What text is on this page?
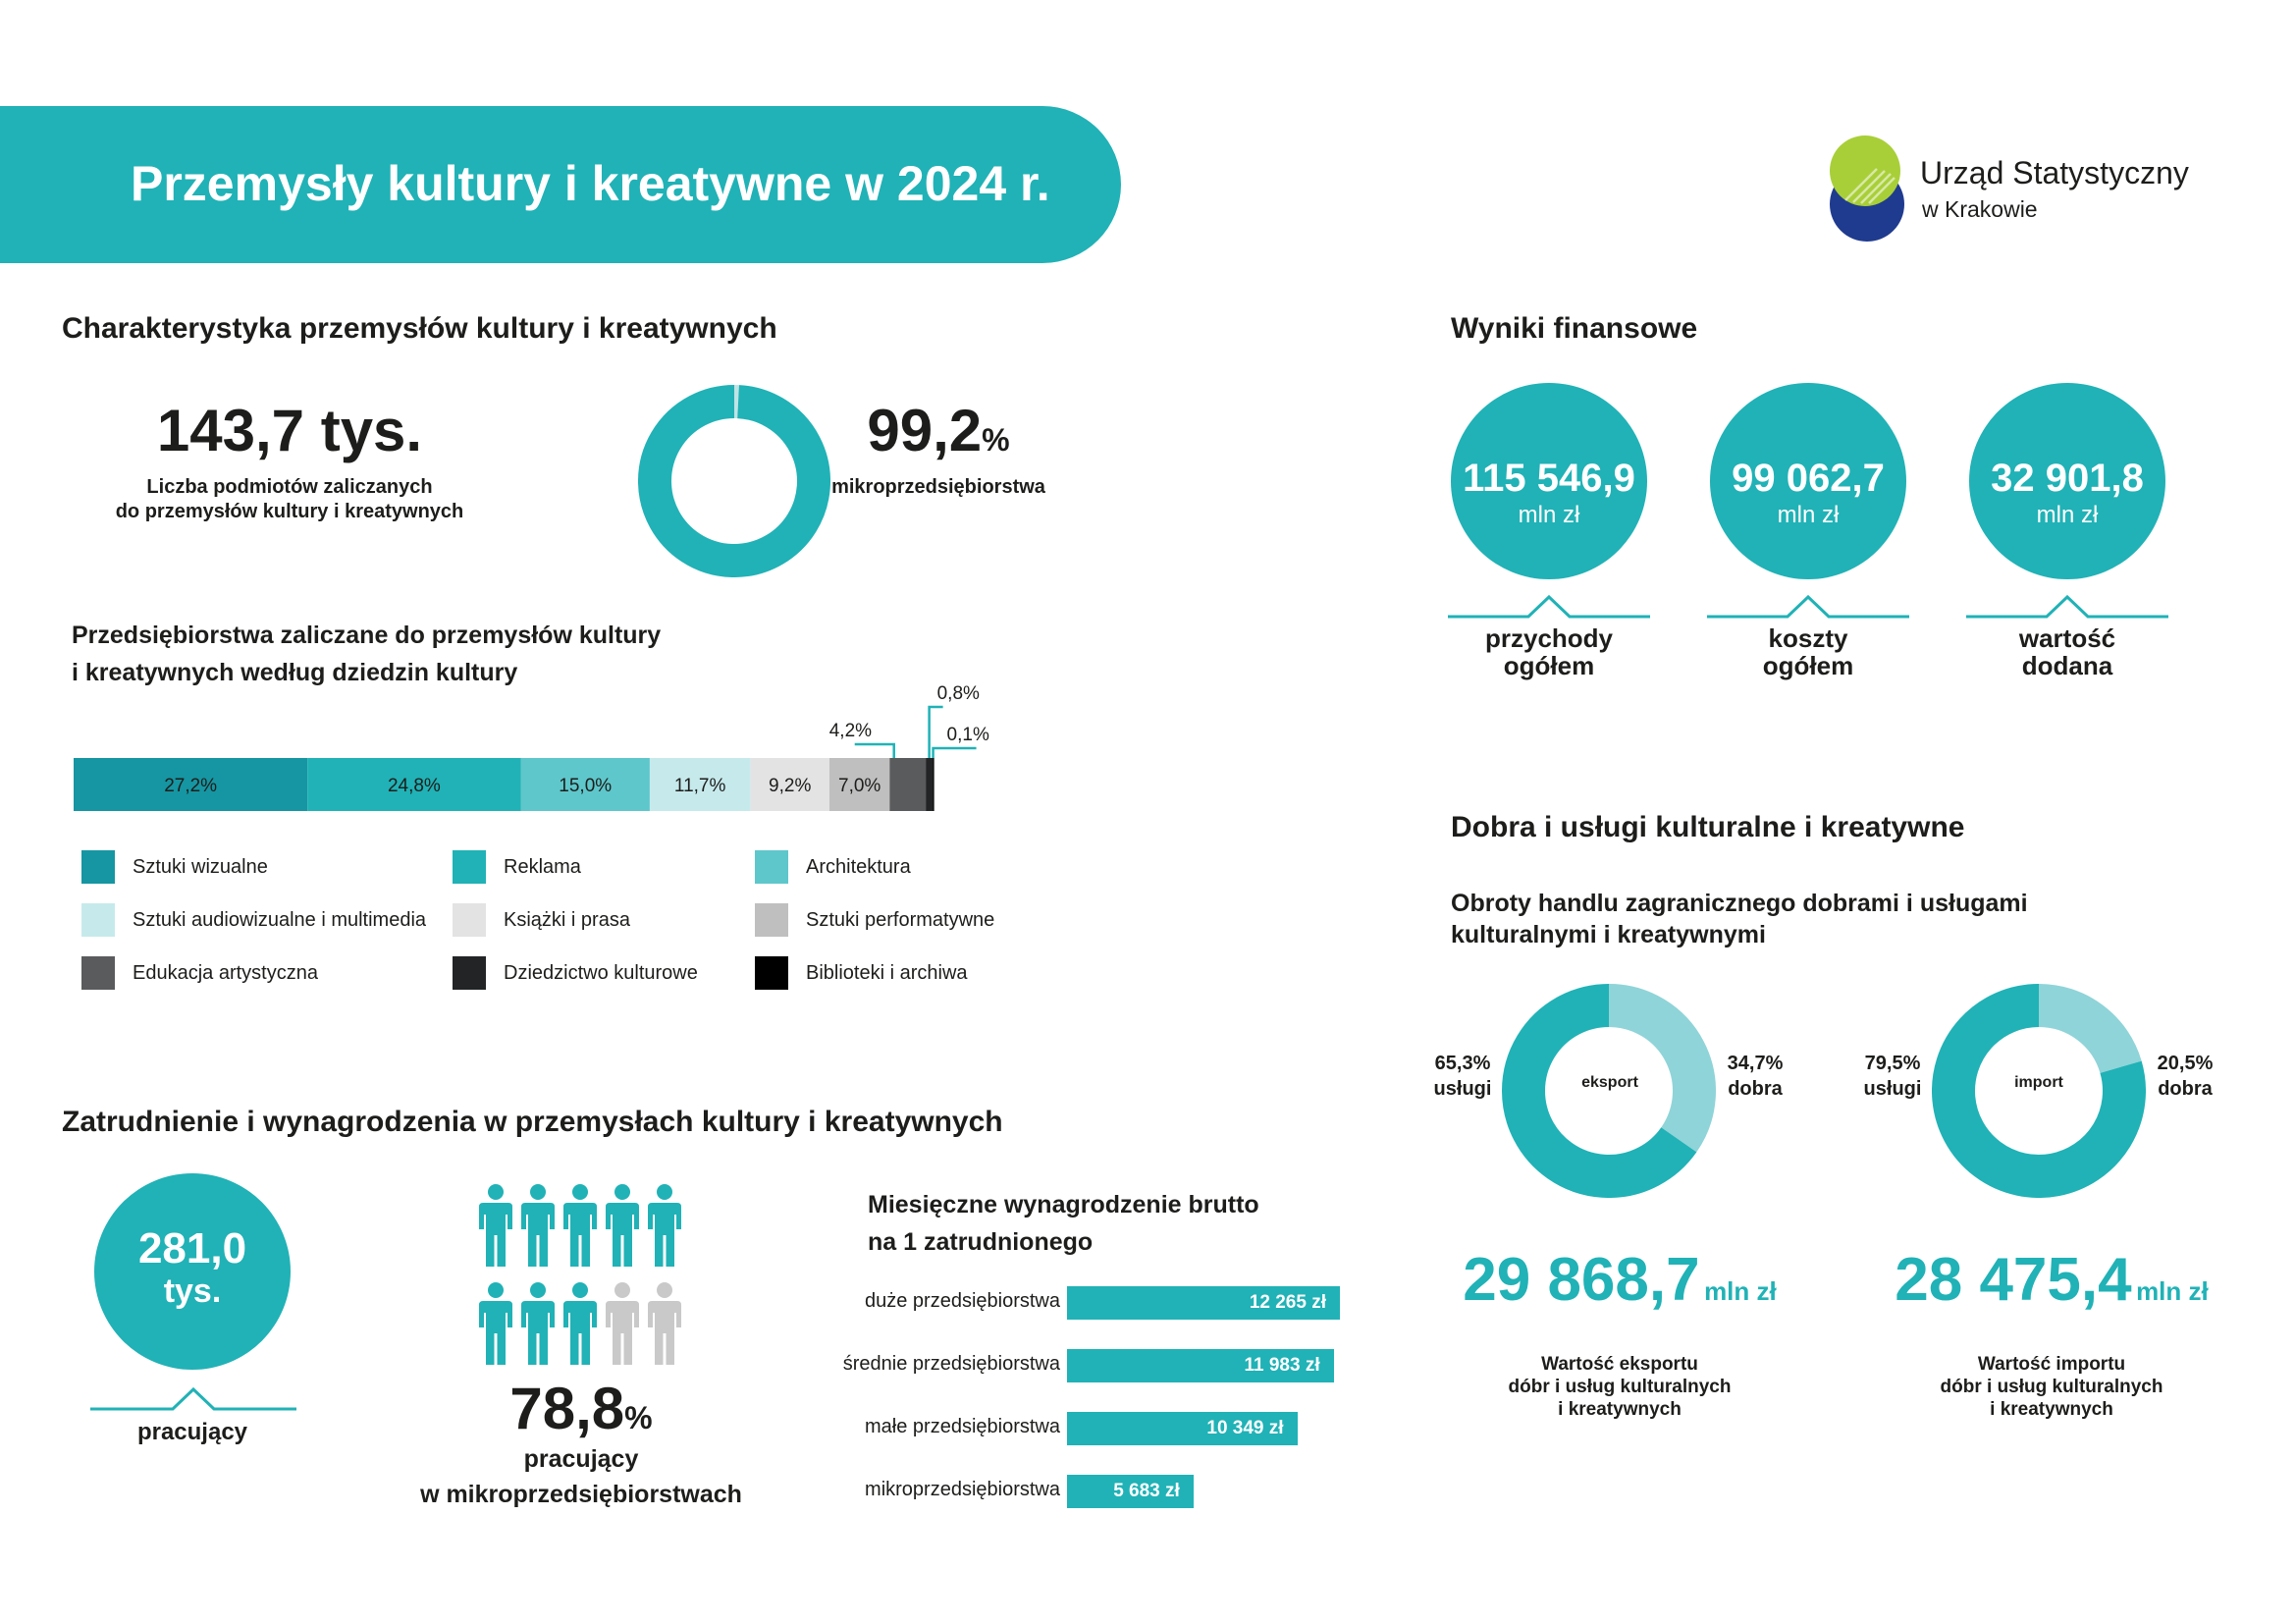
Przemysły kultury i kreatywne w 2024 r.	Urząd Statystyczny
w Krakowie
Charakterystyka przemysłów kultury i kreatywnych
143,7 tys.
Liczba podmiotów zaliczanych
do przemysłów kultury i kreatywnych
99,2%
mikroprzedsiębiorstwa
Przedsiębiorstwa zaliczane do przemysłów kultury
i kreatywnych według dziedzin kultury
27,2%	24,8%	15,0%	11,7% 9,2% 7,0%
4,2%
0,8%
0,1%
Sztuki wizualne	Reklama	Architektura
Sztuki audiowizualne i multimedia	Książki i prasa	Sztuki performatywne
Edukacja artystyczna	Dziedzictwo kulturowe	Biblioteki i archiwa
Zatrudnienie i wynagrodzenia w przemysłach kultury i kreatywnych
281,0
tys.
pracujący	78,8%
pracujący
w mikroprzedsiębiorstwach
Miesięczne wynagrodzenie brutto
na 1 zatrudnionego
duże przedsiębiorstwa	12 265 zł
średnie przedsiębiorstwa	11 983 zł
małe przedsiębiorstwa	10 349 zł
mikroprzedsiębiorstwa	5 683 zł
Wyniki finansowe
115 546,9
mln zł
przychody
ogółem
99 062,7
mln zł
koszty
ogółem
32 901,8
mln zł
wartość
dodana
Dobra i usługi kulturalne i kreatywne
Obroty handlu zagranicznego dobrami i usługami
kulturalnymi i kreatywnymi
eksport
65,3%
usługi
34,7%
dobra
29 868,7 mln zł
Wartość eksportu
dóbr i usług kulturalnych
i kreatywnych
import
79,5%
usługi
20,5%
dobra
28 475,4 mln zł
Wartość importu
dóbr i usług kulturalnych
i kreatywnych
